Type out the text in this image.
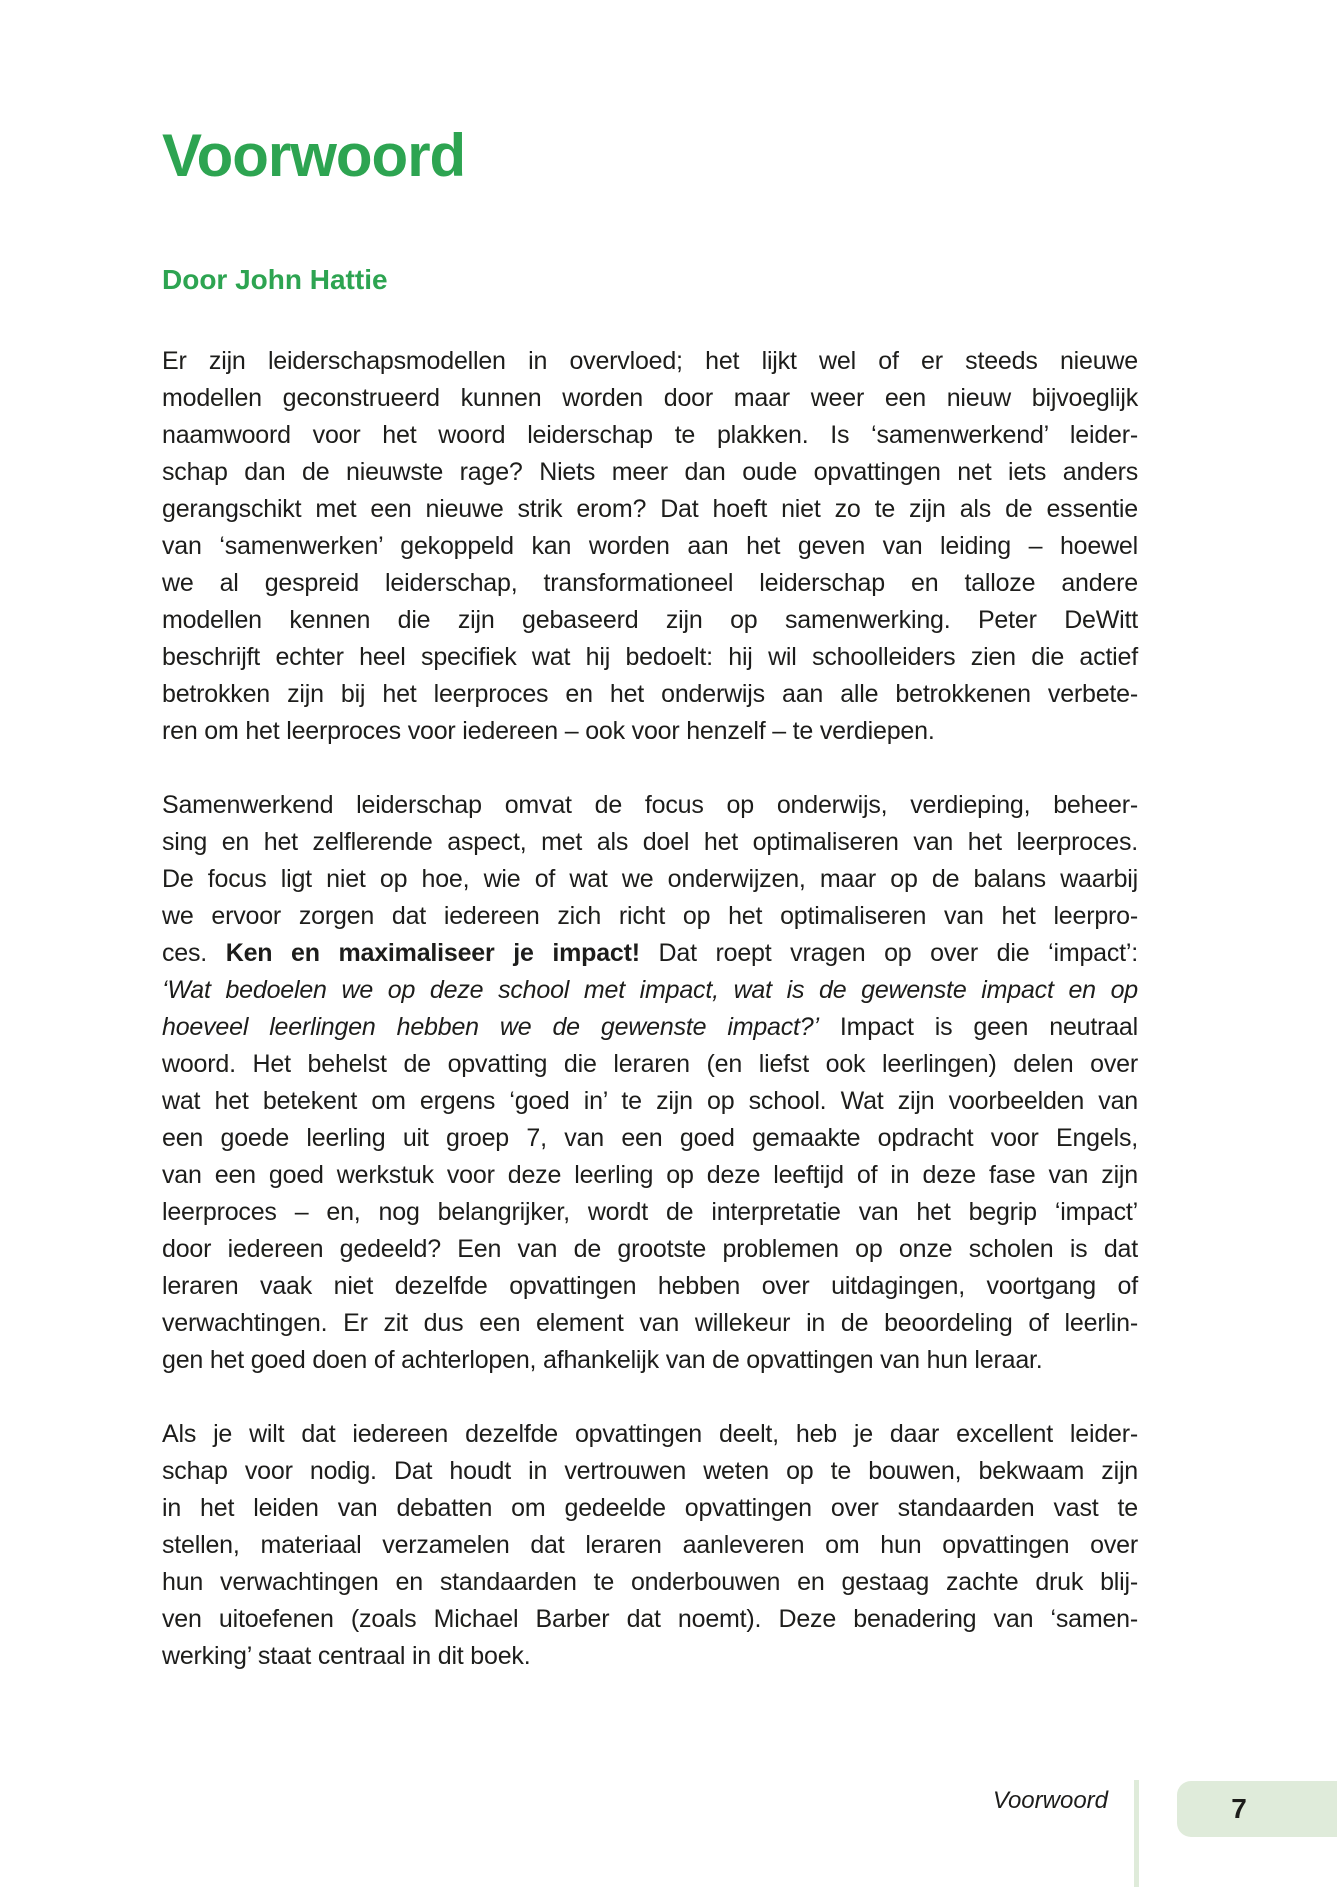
Voorwoord
Door John Hattie
Er zijn leiderschapsmodellen in overvloed; het lijkt wel of er steeds nieuwe
modellen geconstrueerd kunnen worden door maar weer een nieuw bijvoeglijk
naamwoord voor het woord leiderschap te plakken. Is ‘samenwerkend’ leider-
schap dan de nieuwste rage? Niets meer dan oude opvattingen net iets anders
gerangschikt met een nieuwe strik erom? Dat hoeft niet zo te zijn als de essentie
van ‘samenwerken’ gekoppeld kan worden aan het geven van leiding – hoewel
we al gespreid leiderschap, transformationeel leiderschap en talloze andere
modellen kennen die zijn gebaseerd zijn op samenwerking. Peter DeWitt
beschrijft echter heel specifiek wat hij bedoelt: hij wil schoolleiders zien die actief
betrokken zijn bij het leerproces en het onderwijs aan alle betrokkenen verbete-
ren om het leerproces voor iedereen – ook voor henzelf – te verdiepen.
Samenwerkend leiderschap omvat de focus op onderwijs, verdieping, beheer-
sing en het zelflerende aspect, met als doel het optimaliseren van het leerproces.
De focus ligt niet op hoe, wie of wat we onderwijzen, maar op de balans waarbij
we ervoor zorgen dat iedereen zich richt op het optimaliseren van het leerpro-
ces. Ken en maximaliseer je impact! Dat roept vragen op over die ‘impact’:
‘Wat bedoelen we op deze school met impact, wat is de gewenste impact en op
hoeveel leerlingen hebben we de gewenste impact?’ Impact is geen neutraal
woord. Het behelst de opvatting die leraren (en liefst ook leerlingen) delen over
wat het betekent om ergens ‘goed in’ te zijn op school. Wat zijn voorbeelden van
een goede leerling uit groep 7, van een goed gemaakte opdracht voor Engels,
van een goed werkstuk voor deze leerling op deze leeftijd of in deze fase van zijn
leerproces – en, nog belangrijker, wordt de interpretatie van het begrip ‘impact’
door iedereen gedeeld? Een van de grootste problemen op onze scholen is dat
leraren vaak niet dezelfde opvattingen hebben over uitdagingen, voortgang of
verwachtingen. Er zit dus een element van willekeur in de beoordeling of leerlin-
gen het goed doen of achterlopen, afhankelijk van de opvattingen van hun leraar.
Als je wilt dat iedereen dezelfde opvattingen deelt, heb je daar excellent leider-
schap voor nodig. Dat houdt in vertrouwen weten op te bouwen, bekwaam zijn
in het leiden van debatten om gedeelde opvattingen over standaarden vast te
stellen, materiaal verzamelen dat leraren aanleveren om hun opvattingen over
hun verwachtingen en standaarden te onderbouwen en gestaag zachte druk blij-
ven uitoefenen (zoals Michael Barber dat noemt). Deze benadering van ‘samen-
werking’ staat centraal in dit boek.
Voorwoord	7
